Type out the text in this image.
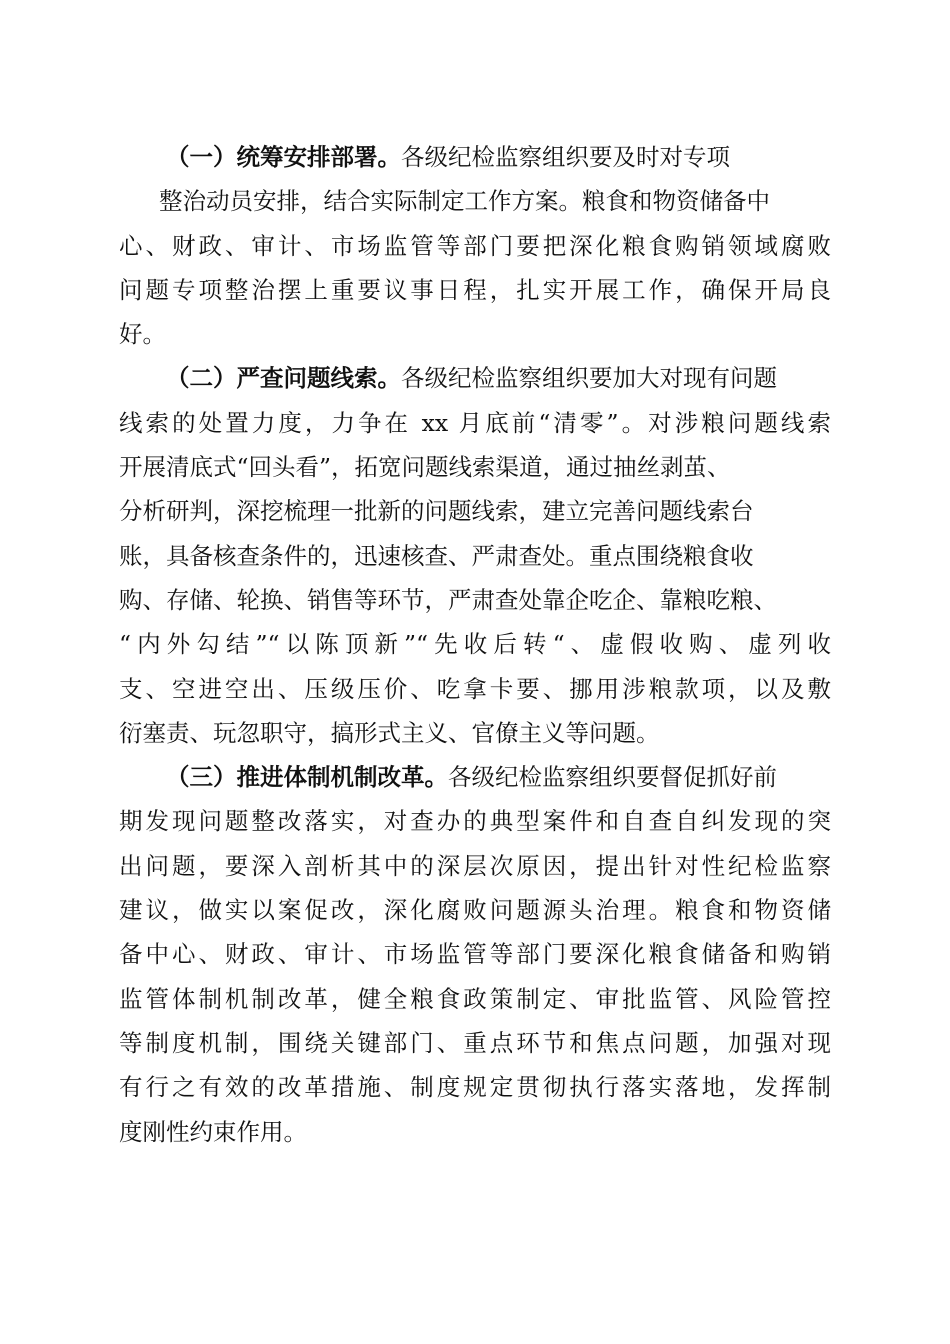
（一）统筹安排部署。各级纪检监察组织要及时对专项
整治动员安排，结合实际制定工作方案。粮食和物资储备中
心、财政、审计、市场监管等部门要把深化粮食购销领域腐败
问题专项整治摆上重要议事日程，扎实开展工作，确保开局良
好。
（二）严查问题线索。各级纪检监察组织要加大对现有问题
线索的处置力度，力争在 xx 月底前“清零”。对涉粮问题线索
开展清底式“回头看”，拓宽问题线索渠道，通过抽丝剥茧、
分析研判，深挖梳理一批新的问题线索，建立完善问题线索台
账，具备核查条件的，迅速核查、严肃查处。重点围绕粮食收
购、存储、轮换、销售等环节，严肃查处靠企吃企、靠粮吃粮、
“内外勾结”“以陈顶新”“先收后转“、虚假收购、虚列收
支、空进空出、压级压价、吃拿卡要、挪用涉粮款项，以及敷
衍塞责、玩忽职守，搞形式主义、官僚主义等问题。
（三）推进体制机制改革。各级纪检监察组织要督促抓好前
期发现问题整改落实，对查办的典型案件和自查自纠发现的突
出问题，要深入剖析其中的深层次原因，提出针对性纪检监察
建议，做实以案促改，深化腐败问题源头治理。粮食和物资储
备中心、财政、审计、市场监管等部门要深化粮食储备和购销
监管体制机制改革，健全粮食政策制定、审批监管、风险管控
等制度机制，围绕关键部门、重点环节和焦点问题，加强对现
有行之有效的改革措施、制度规定贯彻执行落实落地，发挥制
度刚性约束作用。
